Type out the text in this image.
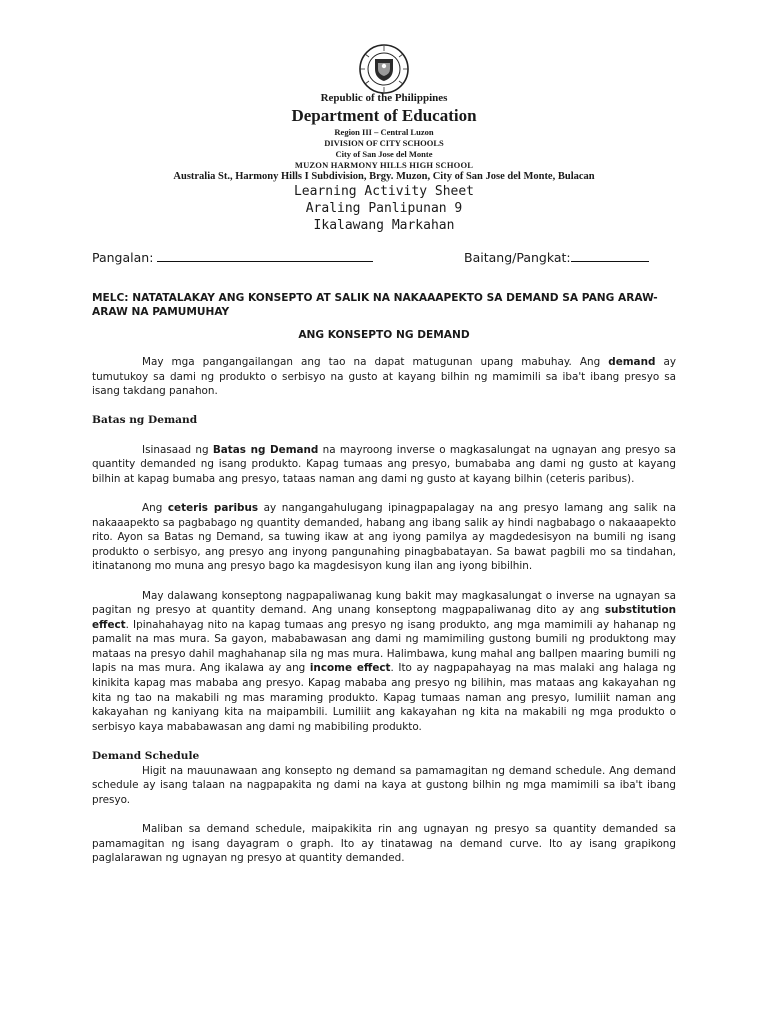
Republic of the Philippines
Department of Education
Region III – Central Luzon
DIVISION OF CITY SCHOOLS
City of San Jose del Monte
MUZON HARMONY HILLS HIGH SCHOOL
Australia St., Harmony Hills I Subdivision, Brgy. Muzon, City of San Jose del Monte, Bulacan
Learning Activity Sheet
Araling Panlipunan 9
Ikalawang Markahan
Pangalan:	Baitang/Pangkat:
MELC: NATATALAKAY ANG KONSEPTO AT SALIK NA NAKAAAPEKTO SA DEMAND SA PANG ARAW-ARAW NA PAMUMUHAY
ANG KONSEPTO NG DEMAND

May mga pangangailangan ang tao na dapat matugunan upang mabuhay. Ang demand ay tumutukoy sa dami ng produkto o serbisyo na gusto at kayang bilhin ng mamimili sa iba't ibang presyo sa isang takdang panahon.

Batas ng Demand

Isinasaad ng Batas ng Demand na mayroong inverse o magkasalungat na ugnayan ang presyo sa quantity demanded ng isang produkto. Kapag tumaas ang presyo, bumababa ang dami ng gusto at kayang bilhin at kapag bumaba ang presyo, tataas naman ang dami ng gusto at kayang bilhin (ceteris paribus).

Ang ceteris paribus ay nangangahulugang ipinagpapalagay na ang presyo lamang ang salik na nakaaapekto sa pagbabago ng quantity demanded, habang ang ibang salik ay hindi nagbabago o nakaaapekto rito. Ayon sa Batas ng Demand, sa tuwing ikaw at ang iyong pamilya ay magdedesisyon na bumili ng isang produkto o serbisyo, ang presyo ang inyong pangunahing pinagbabatayan. Sa bawat pagbili mo sa tindahan, itinatanong mo muna ang presyo bago ka magdesisyon kung ilan ang iyong bibilhin.

May dalawang konseptong nagpapaliwanag kung bakit may magkasalungat o inverse na ugnayan sa pagitan ng presyo at quantity demand. Ang unang konseptong magpapaliwanag dito ay ang substitution effect. Ipinahahayag nito na kapag tumaas ang presyo ng isang produkto, ang mga mamimili ay hahanap ng pamalit na mas mura. Sa gayon, mababawasan ang dami ng mamimiling gustong bumili ng produktong may mataas na presyo dahil maghahanap sila ng mas mura. Halimbawa, kung mahal ang ballpen maaring bumili ng lapis na mas mura. Ang ikalawa ay ang income effect. Ito ay nagpapahayag na mas malaki ang halaga ng kinikita kapag mas mababa ang presyo. Kapag mababa ang presyo ng bilihin, mas mataas ang kakayahan ng kita ng tao na makabili ng mas maraming produkto. Kapag tumaas naman ang presyo, lumiliit naman ang kakayahan ng kaniyang kita na maipambili. Lumiliit ang kakayahan ng kita na makabili ng mga produkto o serbisyo kaya mababawasan ang dami ng mabibiling produkto.

Demand Schedule

Higit na mauunawaan ang konsepto ng demand sa pamamagitan ng demand schedule. Ang demand schedule ay isang talaan na nagpapakita ng dami na kaya at gustong bilhin ng mga mamimili sa iba't ibang presyo.

Maliban sa demand schedule, maipakikita rin ang ugnayan ng presyo sa quantity demanded sa pamamagitan ng isang dayagram o graph. Ito ay tinatawag na demand curve. Ito ay isang grapikong paglalarawan ng ugnayan ng presyo at quantity demanded.
